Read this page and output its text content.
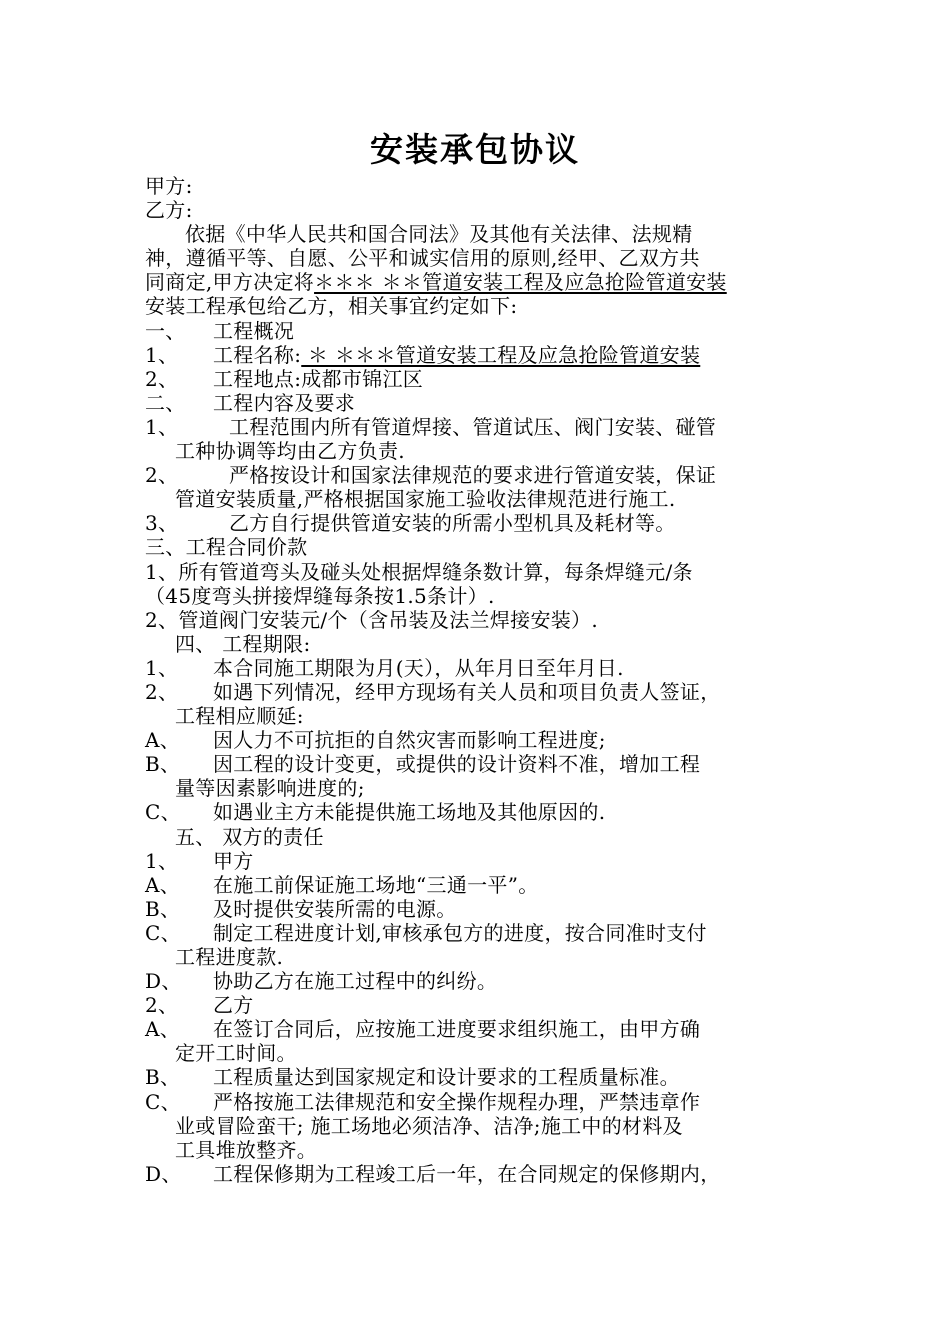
安装承包协议
甲方:
乙方:
依据《中华人民共和国合同法》及其他有关法律、法规精
神，遵循平等、自愿、公平和诚实信用的原则,经甲、乙双方共
同商定,甲方决定将＊＊＊ ＊＊管道安装工程及应急抢险管道安装
安装工程承包给乙方，相关事宜约定如下:
一、 工程概况
1、 工程名称: ＊ ＊＊＊管道安装工程及应急抢险管道安装
2、 工程地点:成都市锦江区
二、 工程内容及要求
1、	工程范围内所有管道焊接、管道试压、阀门安装、碰管
工种协调等均由乙方负责.
2、	严格按设计和国家法律规范的要求进行管道安装，保证
管道安装质量,严格根据国家施工验收法律规范进行施工.
3、	乙方自行提供管道安装的所需小型机具及耗材等。
三、工程合同价款
1、所有管道弯头及碰头处根据焊缝条数计算，每条焊缝元/条
（45度弯头拼接焊缝每条按1.5条计）.
2、管道阀门安装元/个（含吊装及法兰焊接安装）.
四、 工程期限:
1、 本合同施工期限为月(天），从年月日至年月日.
2、 如遇下列情况，经甲方现场有关人员和项目负责人签证，
工程相应顺延:
A、 因人力不可抗拒的自然灾害而影响工程进度;
B、 因工程的设计变更，或提供的设计资料不准，增加工程
量等因素影响进度的;
C、 如遇业主方未能提供施工场地及其他原因的.
五、 双方的责任
1、 甲方
A、 在施工前保证施工场地“三通一平”。
B、 及时提供安装所需的电源。
C、 制定工程进度计划,审核承包方的进度，按合同准时支付
工程进度款.
D、 协助乙方在施工过程中的纠纷。
2、 乙方
A、 在签订合同后，应按施工进度要求组织施工，由甲方确
定开工时间。
B、 工程质量达到国家规定和设计要求的工程质量标准。
C、 严格按施工法律规范和安全操作规程办理，严禁违章作
业或冒险蛮干; 施工场地必须洁净、洁净;施工中的材料及
工具堆放整齐。
D、 工程保修期为工程竣工后一年，在合同规定的保修期内，
